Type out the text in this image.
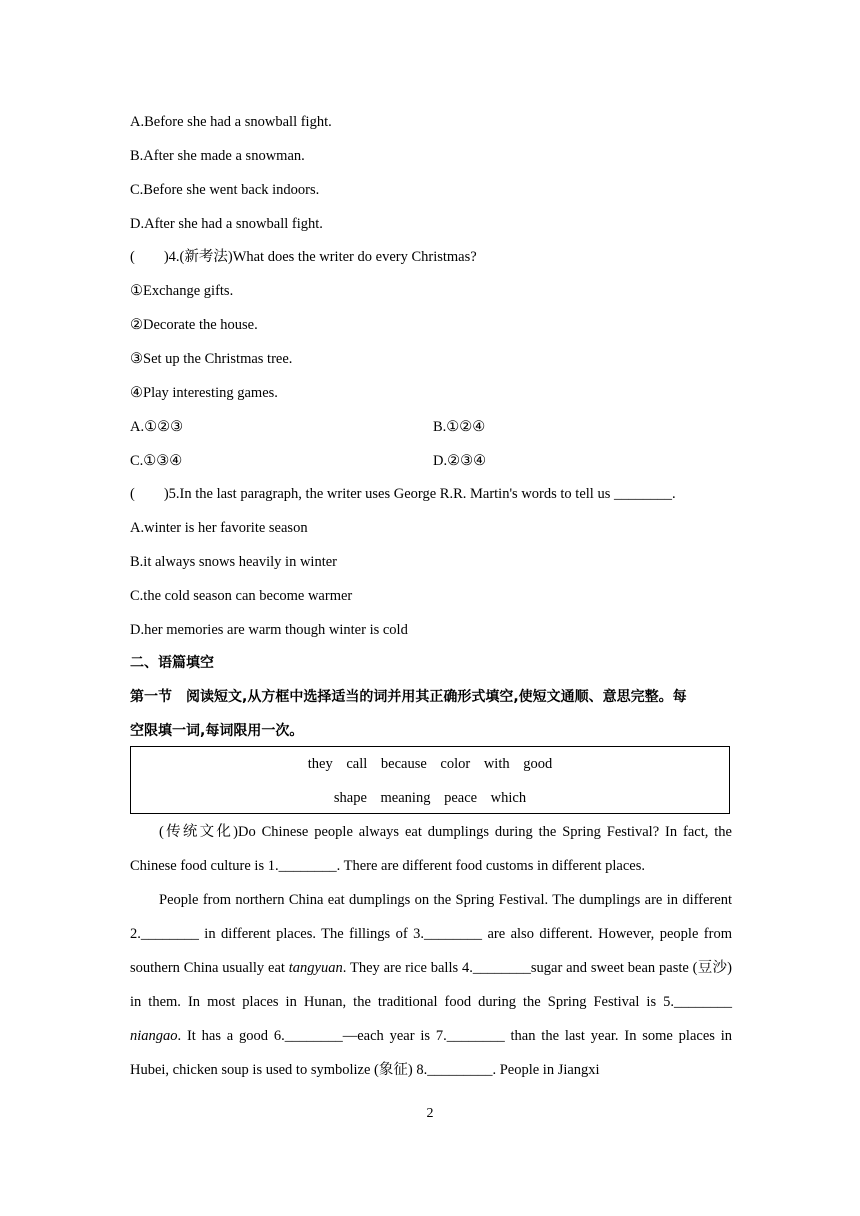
A.Before she had a snowball fight.
B.After she made a snowman.
C.Before she went back indoors.
D.After she had a snowball fight.
(　　)4.(新考法)What does the writer do every Christmas?
①Exchange gifts.
②Decorate the house.
③Set up the Christmas tree.
④Play interesting games.
A.①②③	B.①②④
C.①③④	D.②③④
(　　)5.In the last paragraph, the writer uses George R.R. Martin's words to tell us ________.
A.winter is her favorite season
B.it always snows heavily in winter
C.the cold season can become warmer
D.her memories are warm though winter is cold
二、语篇填空
第一节　阅读短文,从方框中选择适当的词并用其正确形式填空,使短文通顺、意思完整。每
空限填一词,每词限用一次。
they call because color with good
shape meaning peace which
(传统文化)Do Chinese people always eat dumplings during the Spring Festival? In fact, the Chinese food culture is 1.________. There are different food customs in different places.
People from northern China eat dumplings on the Spring Festival. The dumplings are in different 2.________ in different places. The fillings of 3.________ are also different. However, people from southern China usually eat tangyuan. They are rice balls 4.________sugar and sweet bean paste (豆沙) in them. In most places in Hunan, the traditional food during the Spring Festival is 5.________ niangao. It has a good 6.________—each year is 7.________ than the last year. In some places in Hubei, chicken soup is used to symbolize (象征) 8._________. People in Jiangxi
2
